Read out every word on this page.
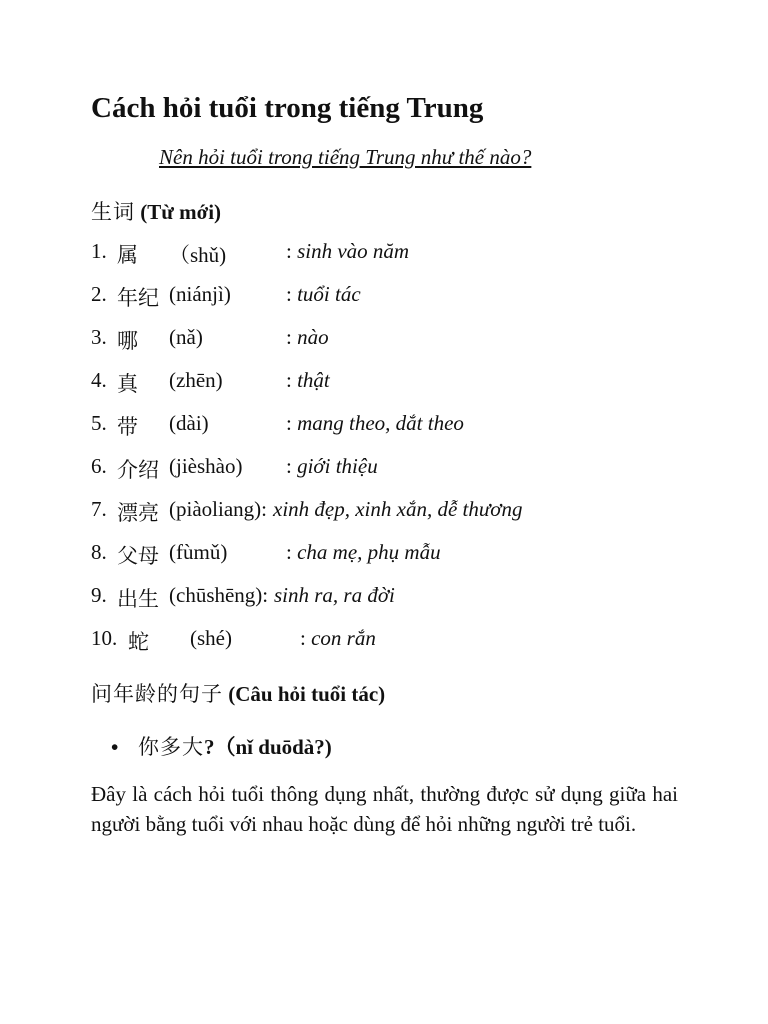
Cách hỏi tuổi trong tiếng Trung
Nên hỏi tuổi trong tiếng Trung như thế nào?
生词 (Từ mới)
1. 属 （shǔ)	: sinh vào năm
2. 年纪 (niánjì)	: tuổi tác
3. 哪 (nǎ)	: nào
4. 真 (zhēn)	: thật
5. 带 (dài)	: mang theo, dắt theo
6. 介绍 (jièshào) : giới thiệu
7. 漂亮 (piàoliang): xinh đẹp, xinh xắn, dễ thương
8. 父母 (fùmǔ)	: cha mẹ, phụ mẫu
9. 出生 (chūshēng): sinh ra, ra đời
10. 蛇 (shé)	: con rắn
问年龄的句子 (Câu hỏi tuổi tác)
• 你多大?（nǐ duōdà?)
Đây là cách hỏi tuổi thông dụng nhất, thường được sử dụng giữa hai người bằng tuổi với nhau hoặc dùng để hỏi những người trẻ tuổi.
